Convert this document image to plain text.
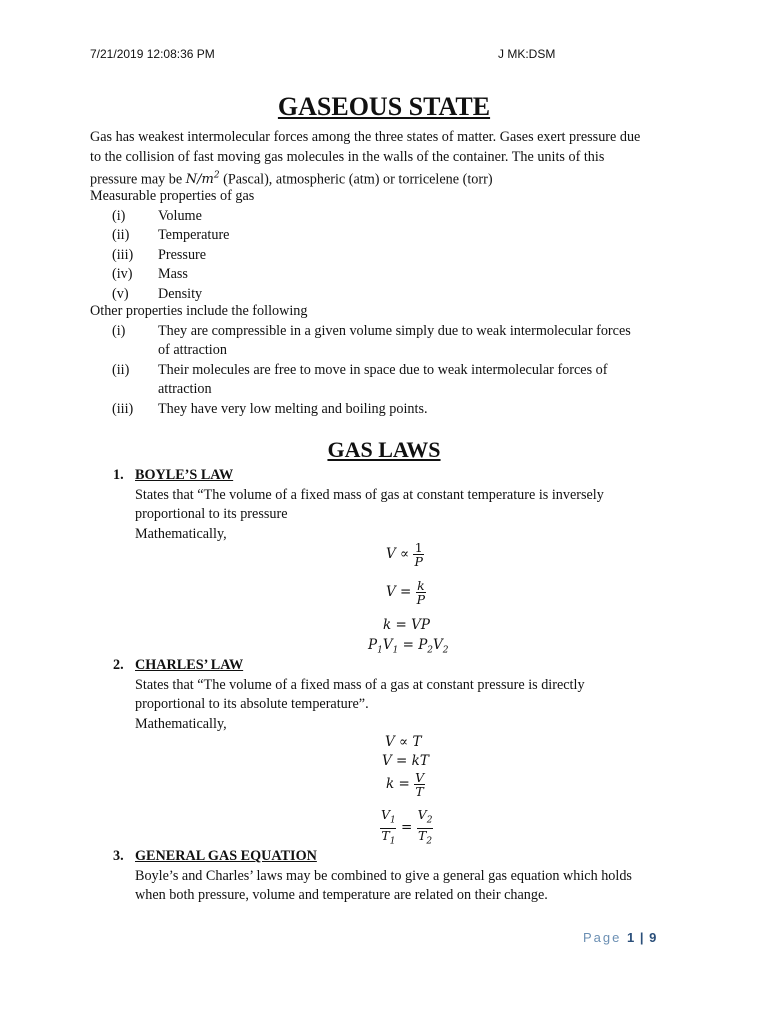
7/21/2019 12:08:36 PM	J MK:DSM
GASEOUS STATE
Gas has weakest intermolecular forces among the three states of matter. Gases exert pressure due
to the collision of fast moving gas molecules in the walls of the container. The units of this
pressure may be $N/m^2$ (Pascal), atmospheric (atm) or torricelene (torr)
Measurable properties of gas
(i)	Volume
(ii)	Temperature
(iii)	Pressure
(iv)	Mass
(v)	Density
Other properties include the following
(i)	They are compressible in a given volume simply due to weak intermolecular forces
of attraction
(ii)	Their molecules are free to move in space due to weak intermolecular forces of
attraction
(iii)	They have very low melting and boiling points.
GAS LAWS
1. BOYLE’S LAW
States that “The volume of a fixed mass of gas at constant temperature is inversely
proportional to its pressure
Mathematically,
$V \propto \frac{1}{P}$
$V = \frac{k}{P}$
k = VP
$P_1V_1 = P_2V_2$
2. CHARLES’ LAW
States that “The volume of a fixed mass of a gas at constant pressure is directly
proportional to its absolute temperature”.
Mathematically,
V ∝ T
V = kT
$k = \frac{V}{T}$
$\frac{V_1}{T_1} = \frac{V_2}{T_2}$
3. GENERAL GAS EQUATION
Boyle’s and Charles’ laws may be combined to give a general gas equation which holds
when both pressure, volume and temperature are related on their change.
Page 1 | 9
